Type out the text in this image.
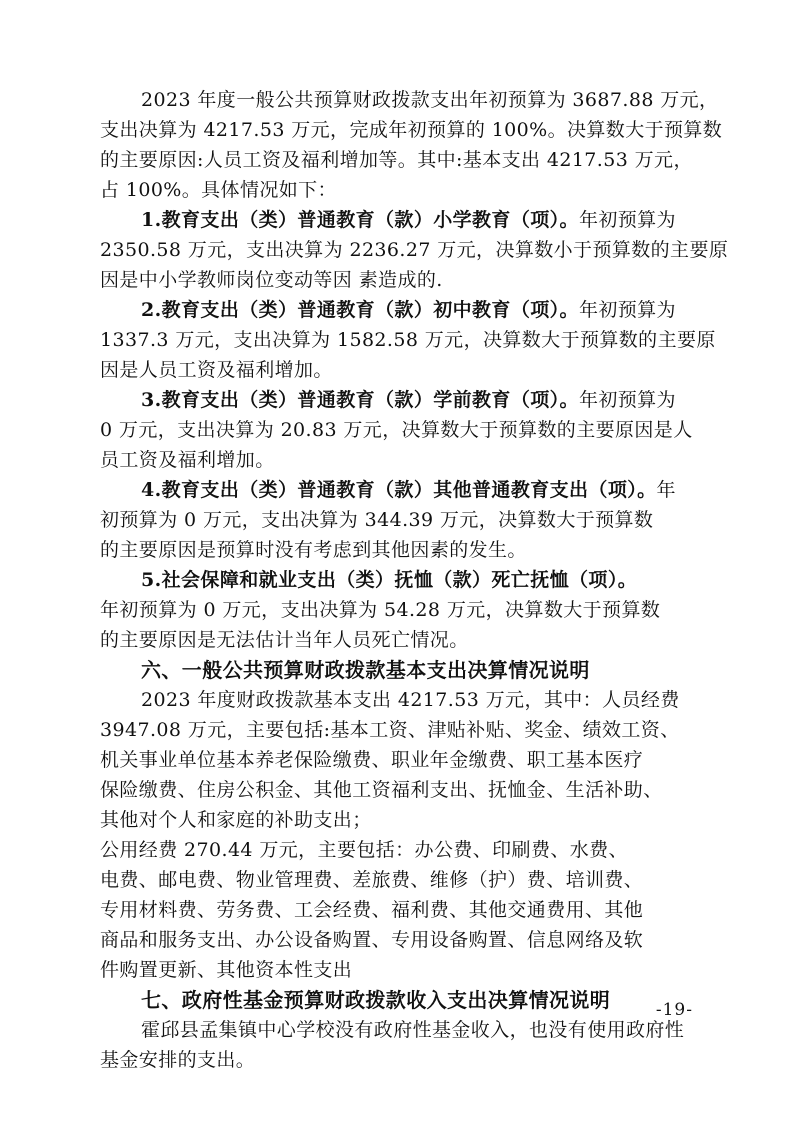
2023 年度一般公共预算财政拨款支出年初预算为 3687.88 万元，
支出决算为 4217.53 万元，完成年初预算的 100%。决算数大于预算数
的主要原因:人员工资及福利增加等。其中:基本支出 4217.53 万元，
占 100%。具体情况如下：
1.教育支出（类）普通教育（款）小学教育（项）。年初预算为
2350.58 万元，支出决算为 2236.27 万元，决算数小于预算数的主要原
因是中小学教师岗位变动等因 素造成的.
2.教育支出（类）普通教育（款）初中教育（项）。年初预算为
1337.3 万元，支出决算为 1582.58 万元，决算数大于预算数的主要原
因是人员工资及福利增加。
3.教育支出（类）普通教育（款）学前教育（项）。年初预算为
0 万元，支出决算为 20.83 万元，决算数大于预算数的主要原因是人
员工资及福利增加。
4.教育支出（类）普通教育（款）其他普通教育支出（项）。年
初预算为 0 万元，支出决算为 344.39 万元，决算数大于预算数
的主要原因是预算时没有考虑到其他因素的发生。
5.社会保障和就业支出（类）抚恤（款）死亡抚恤（项）。
年初预算为 0 万元，支出决算为 54.28 万元，决算数大于预算数
的主要原因是无法估计当年人员死亡情况。
六、一般公共预算财政拨款基本支出决算情况说明
2023 年度财政拨款基本支出 4217.53 万元，其中：人员经费
3947.08 万元，主要包括:基本工资、津贴补贴、奖金、绩效工资、
机关事业单位基本养老保险缴费、职业年金缴费、职工基本医疗
保险缴费、住房公积金、其他工资福利支出、抚恤金、生活补助、
其他对个人和家庭的补助支出；
公用经费 270.44 万元，主要包括：办公费、印刷费、水费、
电费、邮电费、物业管理费、差旅费、维修（护）费、培训费、
专用材料费、劳务费、工会经费、福利费、其他交通费用、其他
商品和服务支出、办公设备购置、专用设备购置、信息网络及软
件购置更新、其他资本性支出
七、政府性基金预算财政拨款收入支出决算情况说明
霍邱县孟集镇中心学校没有政府性基金收入，也没有使用政府性
基金安排的支出。
-19-
